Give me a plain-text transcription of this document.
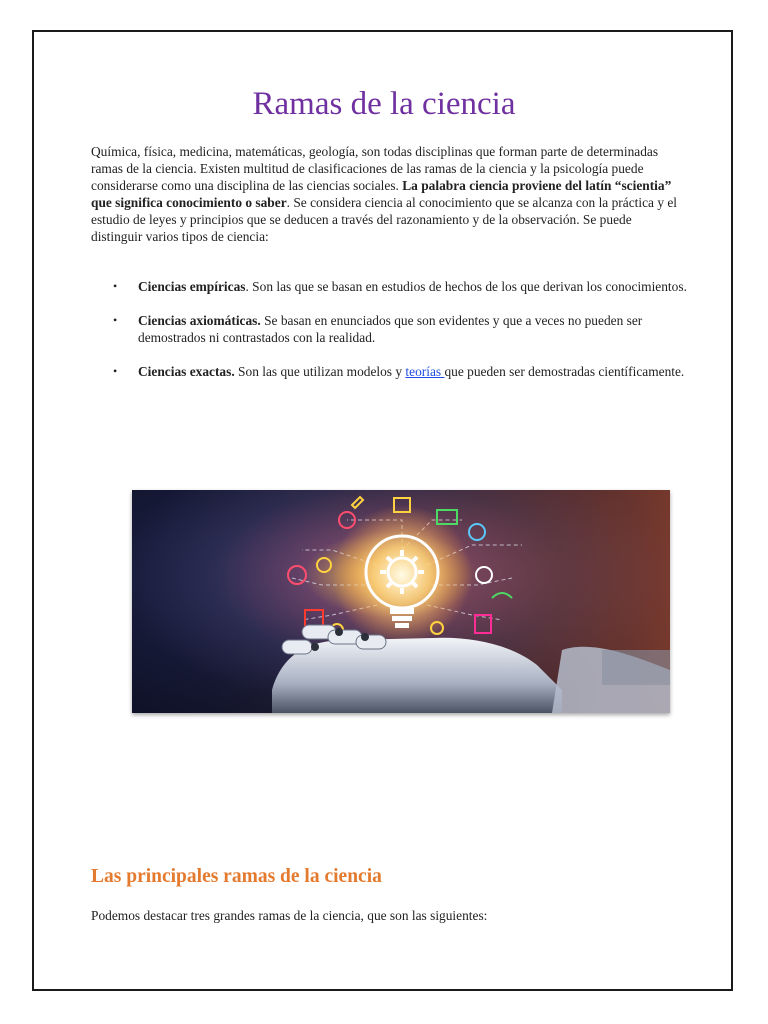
Ramas de la ciencia

Química, física, medicina, matemáticas, geología, son todas disciplinas que forman parte de determinadas ramas de la ciencia. Existen multitud de clasificaciones de las ramas de la ciencia y la psicología puede considerarse como una disciplina de las ciencias sociales. La palabra ciencia proviene del latín “scientia” que significa conocimiento o saber. Se considera ciencia al conocimiento que se alcanza con la práctica y el estudio de leyes y principios que se deducen a través del razonamiento y de la observación. Se puede distinguir varios tipos de ciencia:

• Ciencias empíricas. Son las que se basan en estudios de hechos de los que derivan los conocimientos.
• Ciencias axiomáticas. Se basan en enunciados que son evidentes y que a veces no pueden ser demostrados ni contrastados con la realidad.
• Ciencias exactas. Son las que utilizan modelos y teorías que pueden ser demostradas científicamente.
Las principales ramas de la ciencia

Podemos destacar tres grandes ramas de la ciencia, que son las siguientes:
